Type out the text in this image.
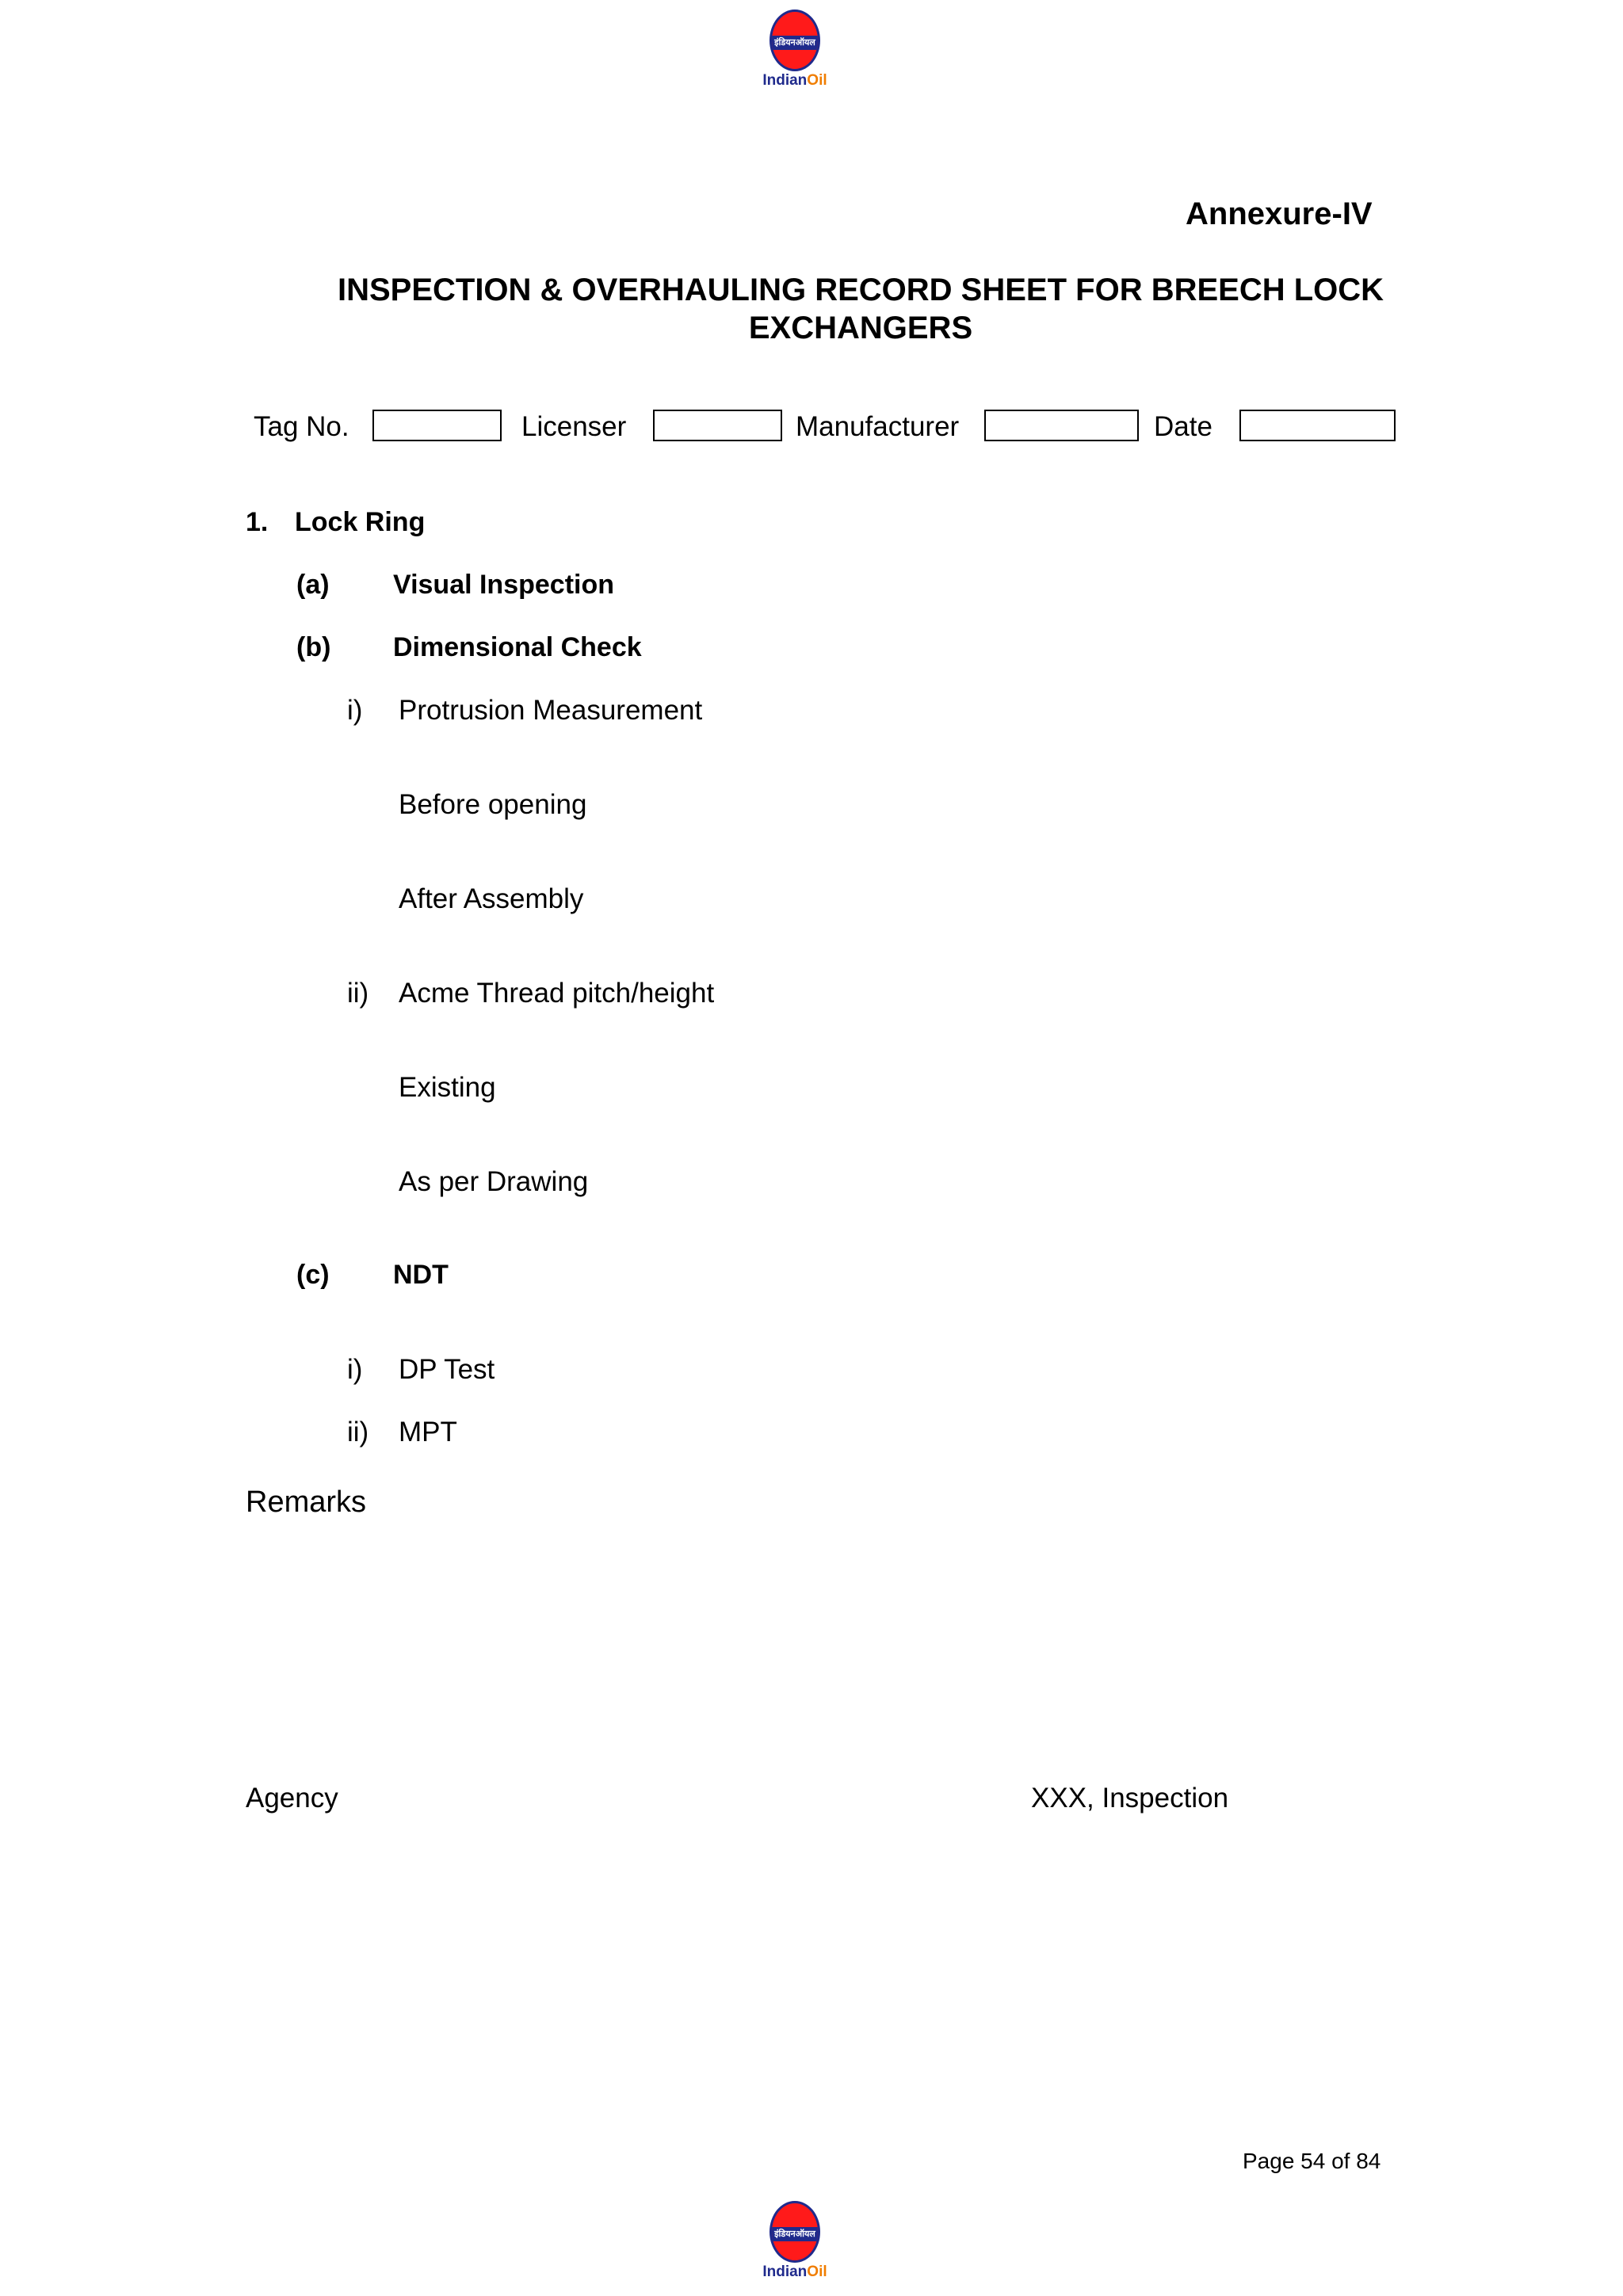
इंडियनऑयल
IndianOil
Annexure-IV
INSPECTION & OVERHAULING RECORD SHEET FOR BREECH LOCK EXCHANGERS
Tag No.	Licenser	Manufacturer	Date
1. Lock Ring
(a) Visual Inspection
(b) Dimensional Check
i) Protrusion Measurement
Before opening
After Assembly
ii) Acme Thread pitch/height
Existing
As per Drawing
(c) NDT
i) DP Test
ii) MPT
Remarks
Agency	XXX, Inspection
Page 54 of 84
इंडियनऑयल
IndianOil
